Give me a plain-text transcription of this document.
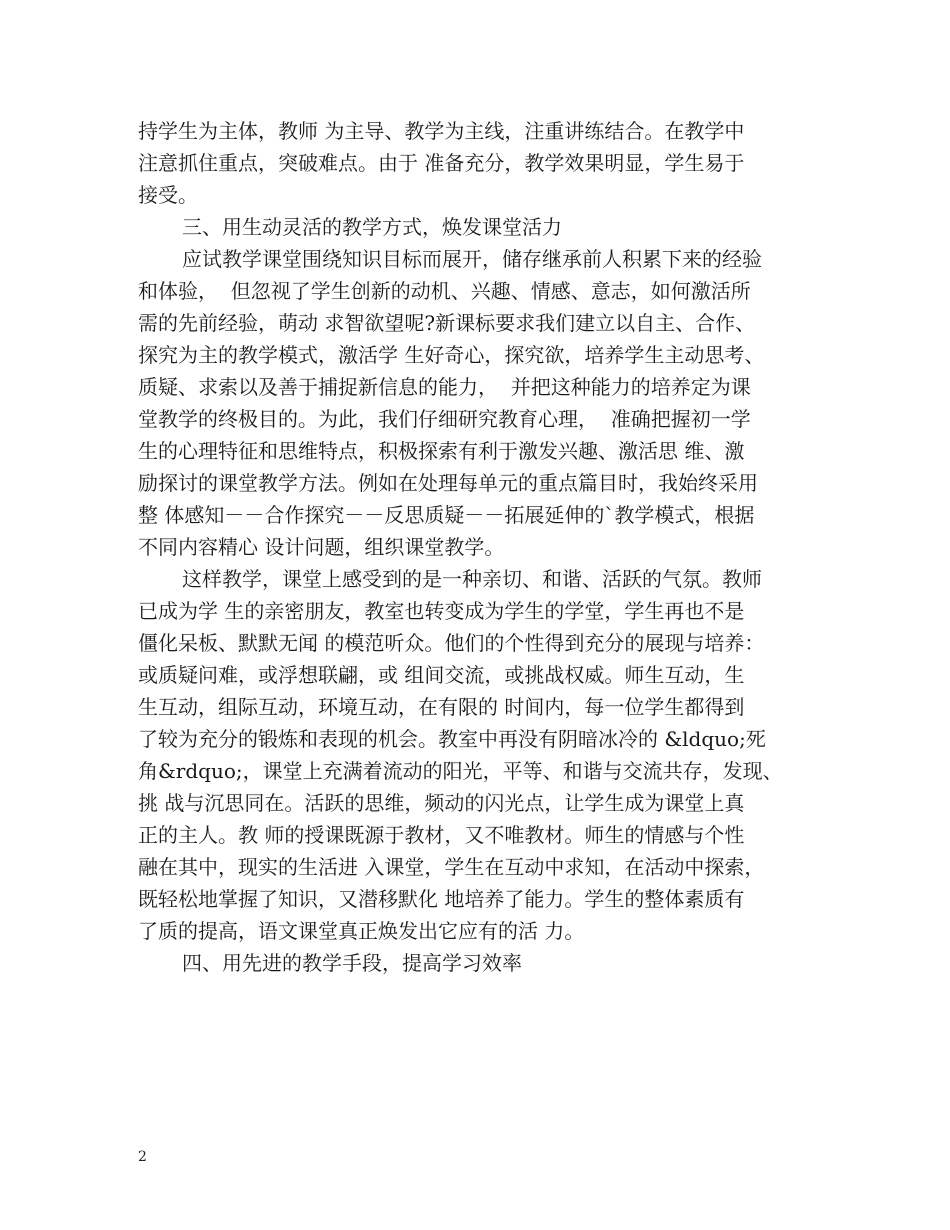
持学生为主体，教师 为主导、教学为主线，注重讲练结合。在教学中
注意抓住重点，突破难点。由于 准备充分，教学效果明显，学生易于
接受。
三、用生动灵活的教学方式，焕发课堂活力
应试教学课堂围绕知识目标而展开，储存继承前人积累下来的经验
和体验，  但忽视了学生创新的动机、兴趣、情感、意志，如何激活所
需的先前经验，萌动 求智欲望呢?新课标要求我们建立以自主、合作、
探究为主的教学模式，激活学 生好奇心，探究欲，培养学生主动思考、
质疑、求索以及善于捕捉新信息的能力，  并把这种能力的培养定为课
堂教学的终极目的。为此，我们仔细研究教育心理，  准确把握初一学
生的心理特征和思维特点，积极探索有利于激发兴趣、激活思 维、激
励探讨的课堂教学方法。例如在处理每单元的重点篇目时，我始终采用
整 体感知－－合作探究－－反思质疑－－拓展延伸的`教学模式，根据
不同内容精心 设计问题，组织课堂教学。
这样教学，课堂上感受到的是一种亲切、和谐、活跃的气氛。教师
已成为学 生的亲密朋友，教室也转变成为学生的学堂，学生再也不是
僵化呆板、默默无闻 的模范听众。他们的个性得到充分的展现与培养：
或质疑问难，或浮想联翩，或 组间交流，或挑战权威。师生互动，生
生互动，组际互动，环境互动，在有限的 时间内，每一位学生都得到
了较为充分的锻炼和表现的机会。教室中再没有阴暗冰冷的 &ldquo;死
角&rdquo;，课堂上充满着流动的阳光，平等、和谐与交流共存，发现、
挑 战与沉思同在。活跃的思维，频动的闪光点，让学生成为课堂上真
正的主人。教 师的授课既源于教材，又不唯教材。师生的情感与个性
融在其中，现实的生活进 入课堂，学生在互动中求知，在活动中探索，
既轻松地掌握了知识，又潜移默化 地培养了能力。学生的整体素质有
了质的提高，语文课堂真正焕发出它应有的活 力。
四、用先进的教学手段，提高学习效率
2
